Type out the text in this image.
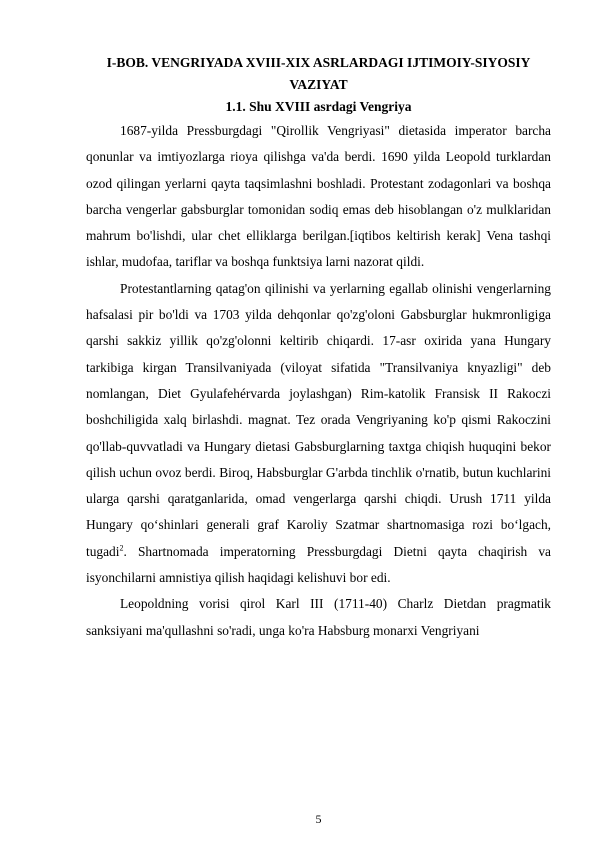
I-BOB. VENGRIYADA XVIII-XIX ASRLARDAGI IJTIMOIY-SIYOSIY VAZIYAT

1.1. Shu XVIII asrdagi Vengriya

1687-yilda Pressburgdagi "Qirollik Vengriyasi" dietasida imperator barcha qonunlar va imtiyozlarga rioya qilishga va'da berdi. 1690 yilda Leopold turklardan ozod qilingan yerlarni qayta taqsimlashni boshladi. Protestant zodagonlari va boshqa barcha vengerlar gabsburglar tomonidan sodiq emas deb hisoblangan o'z mulklaridan mahrum bo'lishdi, ular chet elliklarga berilgan.[iqtibos keltirish kerak] Vena tashqi ishlar, mudofaa, tariflar va boshqa funktsiya larni nazorat qildi.

Protestantlarning qatag'on qilinishi va yerlarning egallab olinishi vengerlarning hafsalasi pir bo'ldi va 1703 yilda dehqonlar qo'zg'oloni Gabsburglar hukmronligiga qarshi sakkiz yillik qo'zg'olonni keltirib chiqardi. 17-asr oxirida yana Hungary tarkibiga kirgan Transilvaniyada (viloyat sifatida "Transilvaniya knyazligi" deb nomlangan, Diet Gyulafehérvarda joylashgan) Rim-katolik Fransisk II Rakoczi boshchiligida xalq birlashdi. magnat. Tez orada Vengriyaning ko'p qismi Rakoczini qo'llab-quvvatladi va Hungary dietasi Gabsburglarning taxtga chiqish huquqini bekor qilish uchun ovoz berdi. Biroq, Habsburglar G'arbda tinchlik o'rnatib, butun kuchlarini ularga qarshi qaratganlarida, omad vengerlarga qarshi chiqdi. Urush 1711 yilda Hungary qo‘shinlari generali graf Karoliy Szatmar shartnomasiga rozi bo‘lgach, tugadi$^2$. Shartnomada imperatorning Pressburgdagi Dietni qayta chaqirish va isyonchilarni amnistiya qilish haqidagi kelishuvi bor edi.

Leopoldning vorisi qirol Karl III (1711-40) Charlz Dietdan pragmatik sanksiyani ma'qullashni so'radi, unga ko'ra Habsburg monarxi Vengriyani

5
